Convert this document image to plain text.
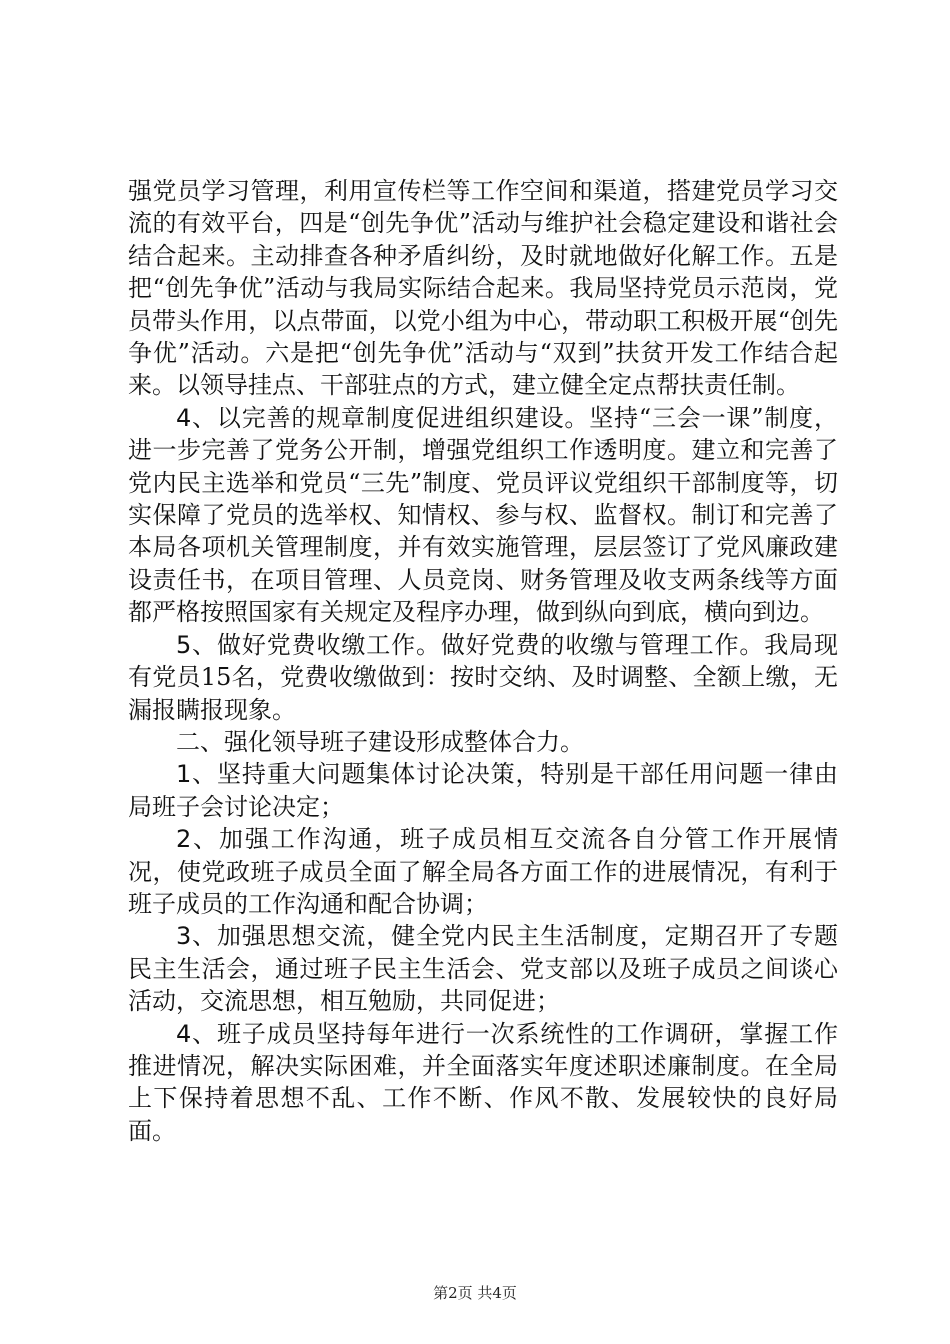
强党员学习管理，利用宣传栏等工作空间和渠道，搭建党员学习交流的有效平台，四是“创先争优”活动与维护社会稳定建设和谐社会结合起来。主动排查各种矛盾纠纷，及时就地做好化解工作。五是把“创先争优”活动与我局实际结合起来。我局坚持党员示范岗，党员带头作用，以点带面，以党小组为中心，带动职工积极开展“创先争优”活动。六是把“创先争优”活动与“双到”扶贫开发工作结合起来。以领导挂点、干部驻点的方式，建立健全定点帮扶责任制。

4、以完善的规章制度促进组织建设。坚持“三会一课”制度，进一步完善了党务公开制，增强党组织工作透明度。建立和完善了党内民主选举和党员“三先”制度、党员评议党组织干部制度等，切实保障了党员的选举权、知情权、参与权、监督权。制订和完善了本局各项机关管理制度，并有效实施管理，层层签订了党风廉政建设责任书，在项目管理、人员竞岗、财务管理及收支两条线等方面都严格按照国家有关规定及程序办理，做到纵向到底，横向到边。

5、做好党费收缴工作。做好党费的收缴与管理工作。我局现有党员15名，党费收缴做到：按时交纳、及时调整、全额上缴，无漏报瞒报现象。

二、强化领导班子建设形成整体合力。

1、坚持重大问题集体讨论决策，特别是干部任用问题一律由局班子会讨论决定；

2、加强工作沟通，班子成员相互交流各自分管工作开展情况，使党政班子成员全面了解全局各方面工作的进展情况，有利于班子成员的工作沟通和配合协调；

3、加强思想交流，健全党内民主生活制度，定期召开了专题民主生活会，通过班子民主生活会、党支部以及班子成员之间谈心活动，交流思想，相互勉励，共同促进；

4、班子成员坚持每年进行一次系统性的工作调研，掌握工作推进情况，解决实际困难，并全面落实年度述职述廉制度。在全局上下保持着思想不乱、工作不断、作风不散、发展较快的良好局面。

第2页 共4页
